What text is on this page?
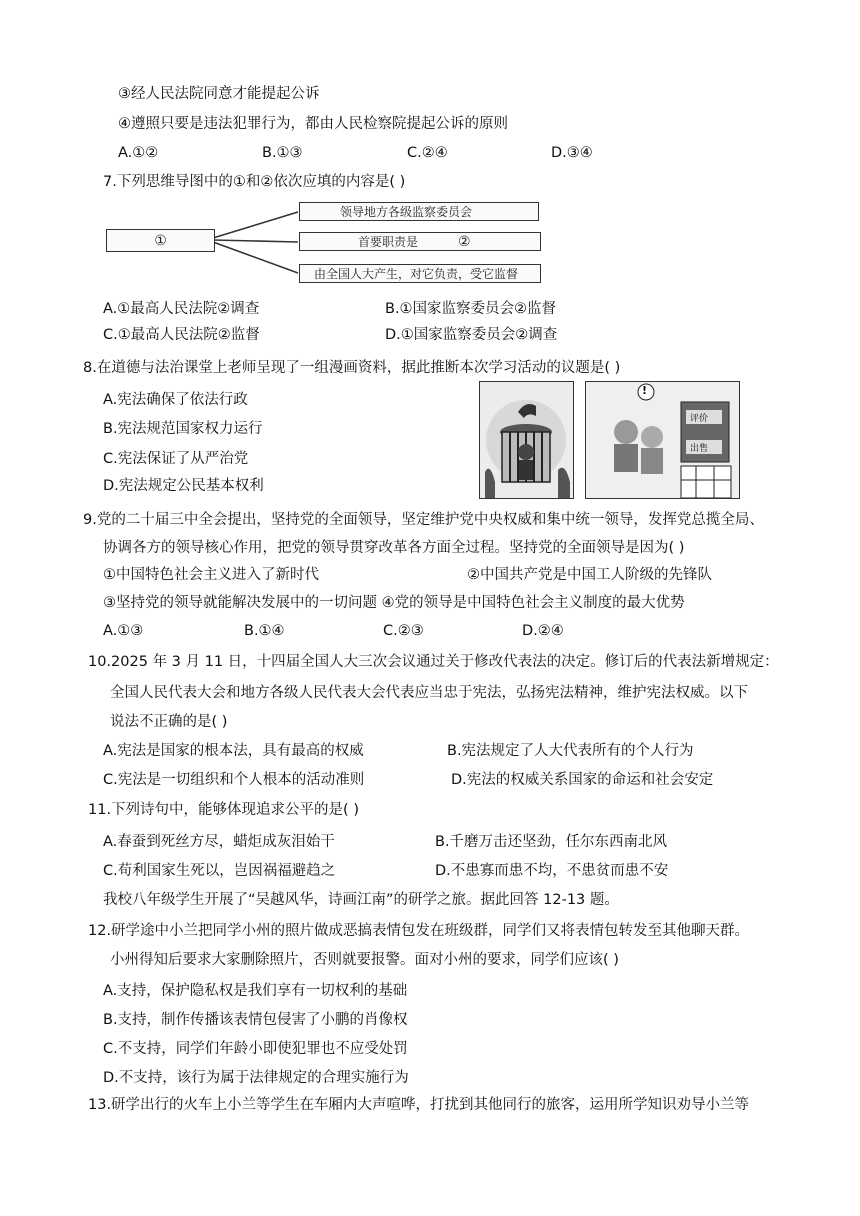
③经人民法院同意才能提起公诉
④遵照只要是违法犯罪行为，都由人民检察院提起公诉的原则
A.①②	B.①③	C.②④	D.③④
7.下列思维导图中的①和②依次应填的内容是( )
①
领导地方各级监察委员会
首要职责是	②
由全国人大产生，对它负责，受它监督
A.①最高人民法院②调查	B.①国家监察委员会②监督
C.①最高人民法院②监督	D.①国家监察委员会②调查
8.在道德与法治课堂上老师呈现了一组漫画资料，据此推断本次学习活动的议题是( )
A.宪法确保了依法行政
B.宪法规范国家权力运行
C.宪法保证了从严治党
D.宪法规定公民基本权利
!
评价
出售
9.党的二十届三中全会提出，坚持党的全面领导，坚定维护党中央权威和集中统一领导，发挥党总揽全局、
协调各方的领导核心作用，把党的领导贯穿改革各方面全过程。坚持党的全面领导是因为( )
①中国特色社会主义进入了新时代	②中国共产党是中国工人阶级的先锋队
③坚持党的领导就能解决发展中的一切问题 ④党的领导是中国特色社会主义制度的最大优势
A.①③	B.①④	C.②③	D.②④
10.2025 年 3 月 11 日，十四届全国人大三次会议通过关于修改代表法的决定。修订后的代表法新增规定：
全国人民代表大会和地方各级人民代表大会代表应当忠于宪法，弘扬宪法精神，维护宪法权威。以下
说法不正确的是( )
A.宪法是国家的根本法，具有最高的权威	B.宪法规定了人大代表所有的个人行为
C.宪法是一切组织和个人根本的活动准则	D.宪法的权威关系国家的命运和社会安定
11.下列诗句中，能够体现追求公平的是( )
A.春蚕到死丝方尽，蜡炬成灰泪始干	B.千磨万击还坚劲，任尔东西南北风
C.苟利国家生死以，岂因祸福避趋之	D.不患寡而患不均，不患贫而患不安
我校八年级学生开展了“吴越风华，诗画江南”的研学之旅。据此回答 12-13 题。
12.研学途中小兰把同学小州的照片做成恶搞表情包发在班级群，同学们又将表情包转发至其他聊天群。
小州得知后要求大家删除照片，否则就要报警。面对小州的要求，同学们应该( )
A.支持，保护隐私权是我们享有一切权利的基础
B.支持，制作传播该表情包侵害了小鹏的肖像权
C.不支持，同学们年龄小即使犯罪也不应受处罚
D.不支持，该行为属于法律规定的合理实施行为
13.研学出行的火车上小兰等学生在车厢内大声喧哗，打扰到其他同行的旅客，运用所学知识劝导小兰等
